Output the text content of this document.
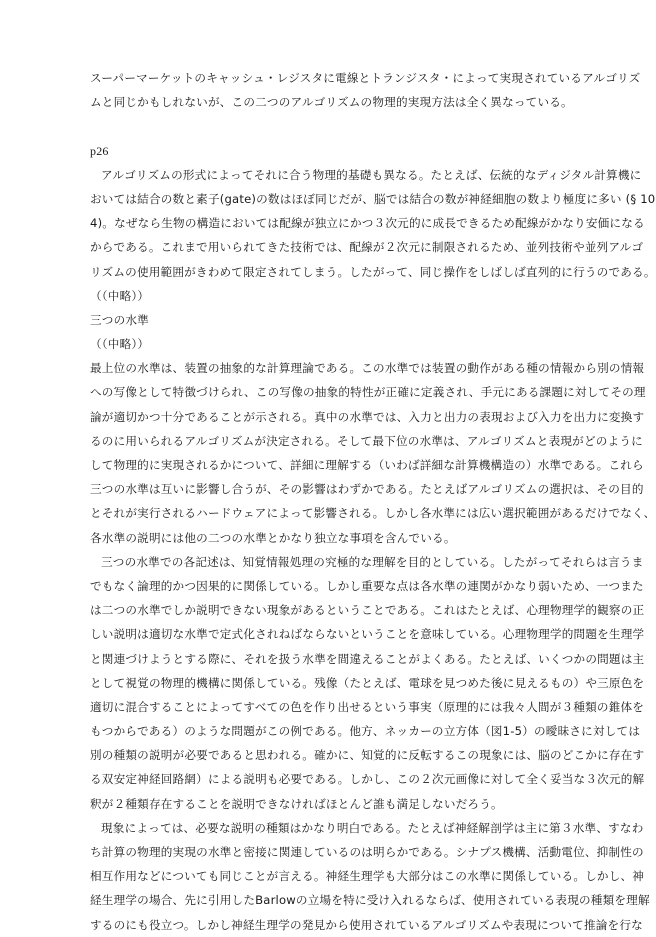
スーパーマーケットのキャッシュ・レジスタに電線とトランジスタ・によって実現されているアルゴリズ
ムと同じかもしれないが、この二つのアルゴリズムの物理的実現方法は全く異なっている。
p26
アルゴリズムの形式によってそれに合う物理的基礎も異なる。たとえば、伝統的なディジタル計算機に
おいては結合の数と素子(gate)の数はほぼ同じだが、脳では結合の数が神経細胞の数より極度に多い (§ 10
4)。なぜなら生物の構造においては配線が独立にかつ３次元的に成長できるため配線がかなり安価になる
からである。これまで用いられてきた技術では、配線が２次元に制限されるため、並列技術や並列アルゴ
リズムの使用範囲がきわめて限定されてしまう。したがって、同じ操作をしばしば直列的に行うのである。
（（中略））
三つの水準
（（中略））
最上位の水準は、装置の抽象的な計算理論である。この水準では装置の動作がある種の情報から別の情報
への写像として特徴づけられ、この写像の抽象的特性が正確に定義され、手元にある課題に対してその理
論が適切かつ十分であることが示される。真中の水準では、入力と出力の表現および入力を出力に変換す
るのに用いられるアルゴリズムが決定される。そして最下位の水準は、アルゴリズムと表現がどのように
して物理的に実現されるかについて、詳細に理解する（いわば詳細な計算機構造の）水準である。これら
三つの水準は互いに影響し合うが、その影響はわずかである。たとえばアルゴリズムの選択は、その目的
とそれが実行されるハードウェアによって影響される。しかし各水準には広い選択範囲があるだけでなく、
各水準の説明には他の二つの水準とかなり独立な事項を含んでいる。
三つの水準での各記述は、知覚情報処理の究極的な理解を目的としている。したがってそれらは言うま
でもなく論理的かつ因果的に関係している。しかし重要な点は各水準の連関がかなり弱いため、一つまた
は二つの水準でしか説明できない現象があるということである。これはたとえば、心理物理学的観察の正
しい説明は適切な水準で定式化されねばならないということを意味している。心理物理学的問題を生理学
と関連づけようとする際に、それを扱う水準を間違えることがよくある。たとえば、いくつかの問題は主
として視覚の物理的機構に関係している。残像（たとえば、電球を見つめた後に見えるもの）や三原色を
適切に混合することによってすべての色を作り出せるという事実（原理的には我々人間が３種類の錐体を
もつからである）のような問題がこの例である。他方、ネッカーの立方体（図1-5）の曖昧さに対しては
別の種類の説明が必要であると思われる。確かに、知覚的に反転するこの現象には、脳のどこかに存在す
る双安定神経回路網）による説明も必要である。しかし、この２次元画像に対して全く妥当な３次元的解
釈が２種類存在することを説明できなければほとんど誰も満足しないだろう。
現象によっては、必要な説明の種類はかなり明白である。たとえば神経解剖学は主に第３水準、すなわ
ち計算の物理的実現の水準と密接に関連しているのは明らかである。シナプス機構、活動電位、抑制性の
相互作用などについても同じことが言える。神経生理学も大部分はこの水準に関係している。しかし、神
経生理学の場合、先に引用したBarlowの立場を特に受け入れるならば、使用されている表現の種類を理解
するのにも役立つ。しかし神経生理学の発見から使用されているアルゴリズムや表現について推論を行な
